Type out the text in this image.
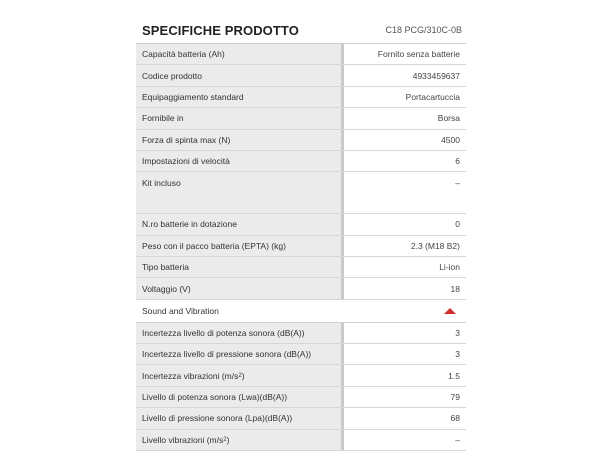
SPECIFICHE PRODOTTO	C18 PCG/310C-0B
Capacità batteria (Ah)	Fornito senza batterie
Codice prodotto	4933459637
Equipaggiamento standard	Portacartuccia
Fornibile in	Borsa
Forza di spinta max (N)	4500
Impostazioni di velocità	6
Kit incluso	–
N.ro batterie in dotazione	0
Peso con il pacco batteria (EPTA) (kg)	2.3 (M18 B2)
Tipo batteria	Li-ion
Voltaggio (V)	18
Sound and Vibration
Incertezza livello di potenza sonora (dB(A))	3
Incertezza livello di pressione sonora (dB(A))	3
Incertezza vibrazioni (m/s 2 )	1.5
Livello di potenza sonora (Lwa)(dB(A))	79
Livello di pressione sonora (Lpa)(dB(A))	68
Livello vibrazioni (m/s 2 )	–
